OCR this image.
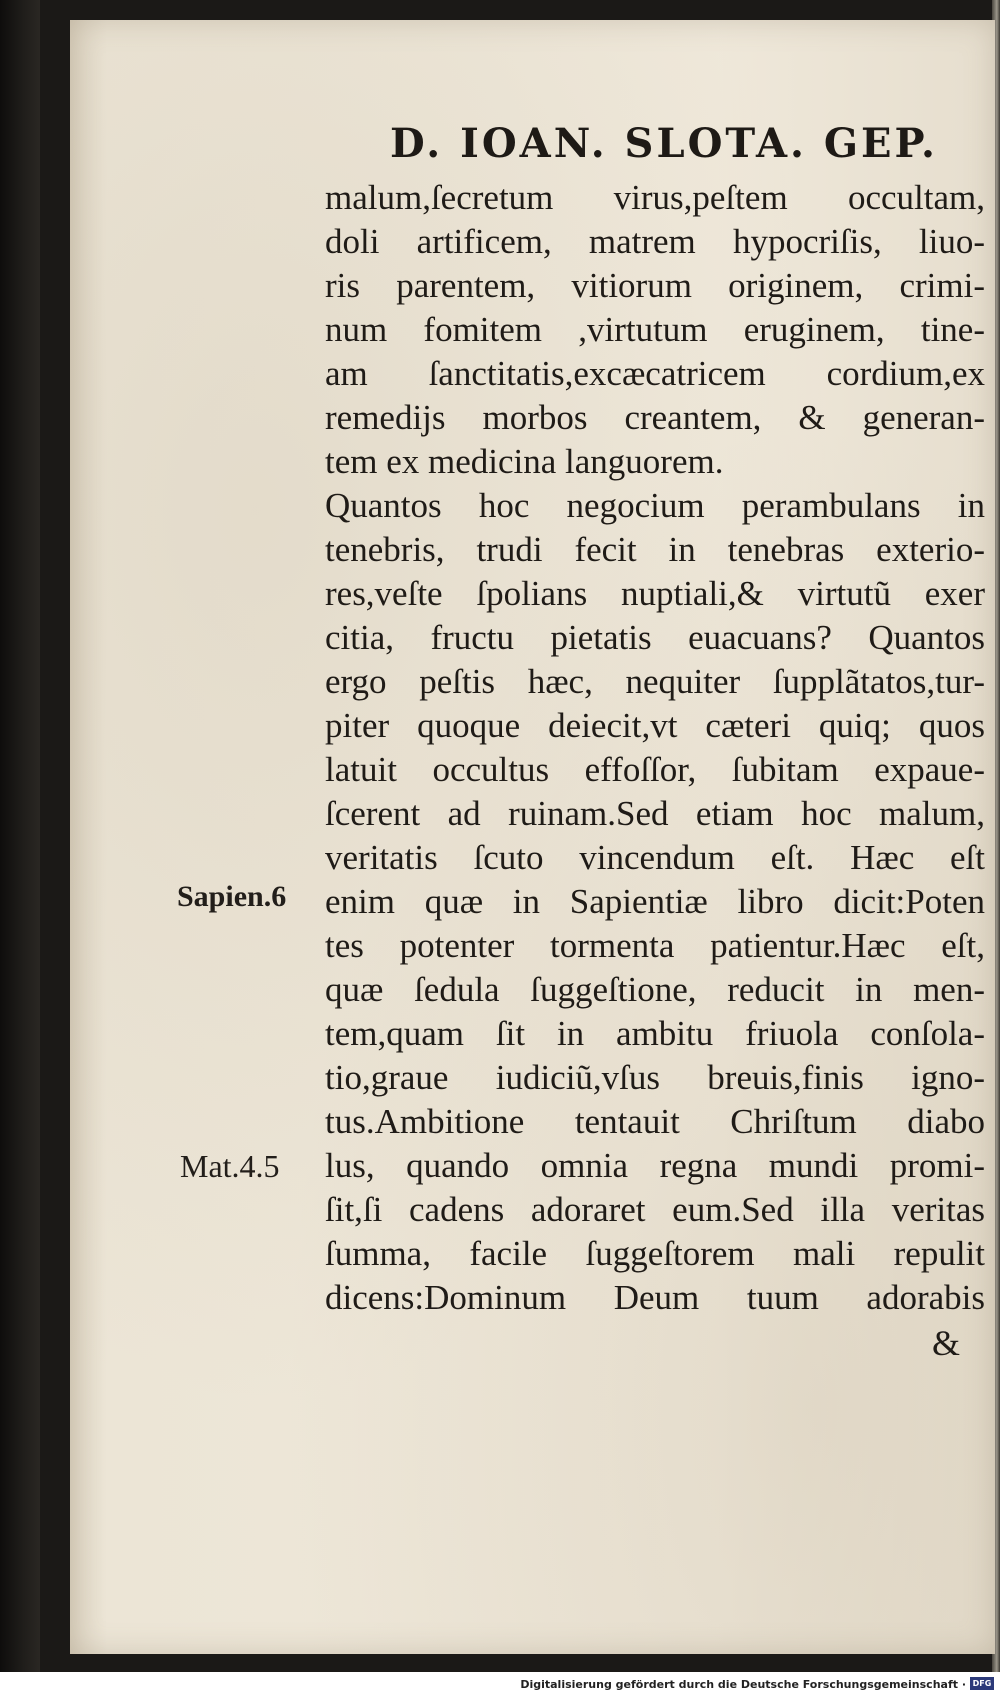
D. IOAN. SLOTA. GEP.
malum,ſecretum virus,peſtem occultam,
doli artificem, matrem hypocriſis, liuo-
ris parentem, vitiorum originem, crimi-
num fomitem ,virtutum eruginem, tine-
am ſanctitatis,excæcatricem cordium,ex
remedijs morbos creantem, & generan-
tem ex medicina languorem.
Quantos hoc negocium perambulans in
tenebris, trudi fecit in tenebras exterio-
res,veſte ſpolians nuptiali,& virtutũ exer
citia, fructu pietatis euacuans? Quantos
ergo peſtis hæc, nequiter ſupplãtatos,tur-
piter quoque deiecit,vt cæteri quiq; quos
latuit occultus effoſſor, ſubitam expaue-
ſcerent ad ruinam.Sed etiam hoc malum,
veritatis ſcuto vincendum eſt. Hæc eſt
enim quæ in Sapientiæ libro dicit:Poten
tes potenter tormenta patientur.Hæc eſt,
quæ ſedula ſuggeſtione, reducit in men-
tem,quam ſit in ambitu friuola conſola-
tio,graue iudiciũ,vſus breuis,finis igno-
tus.Ambitione tentauit Chriſtum diabo
lus, quando omnia regna mundi promi-
ſit,ſi cadens adoraret eum.Sed illa veritas
ſumma, facile ſuggeſtorem mali repulit
dicens:Dominum Deum tuum adorabis
Sapien.6
Mat.4.5
&
Digitalisierung gefördert durch die Deutsche Forschungsgemeinschaft · DFG
